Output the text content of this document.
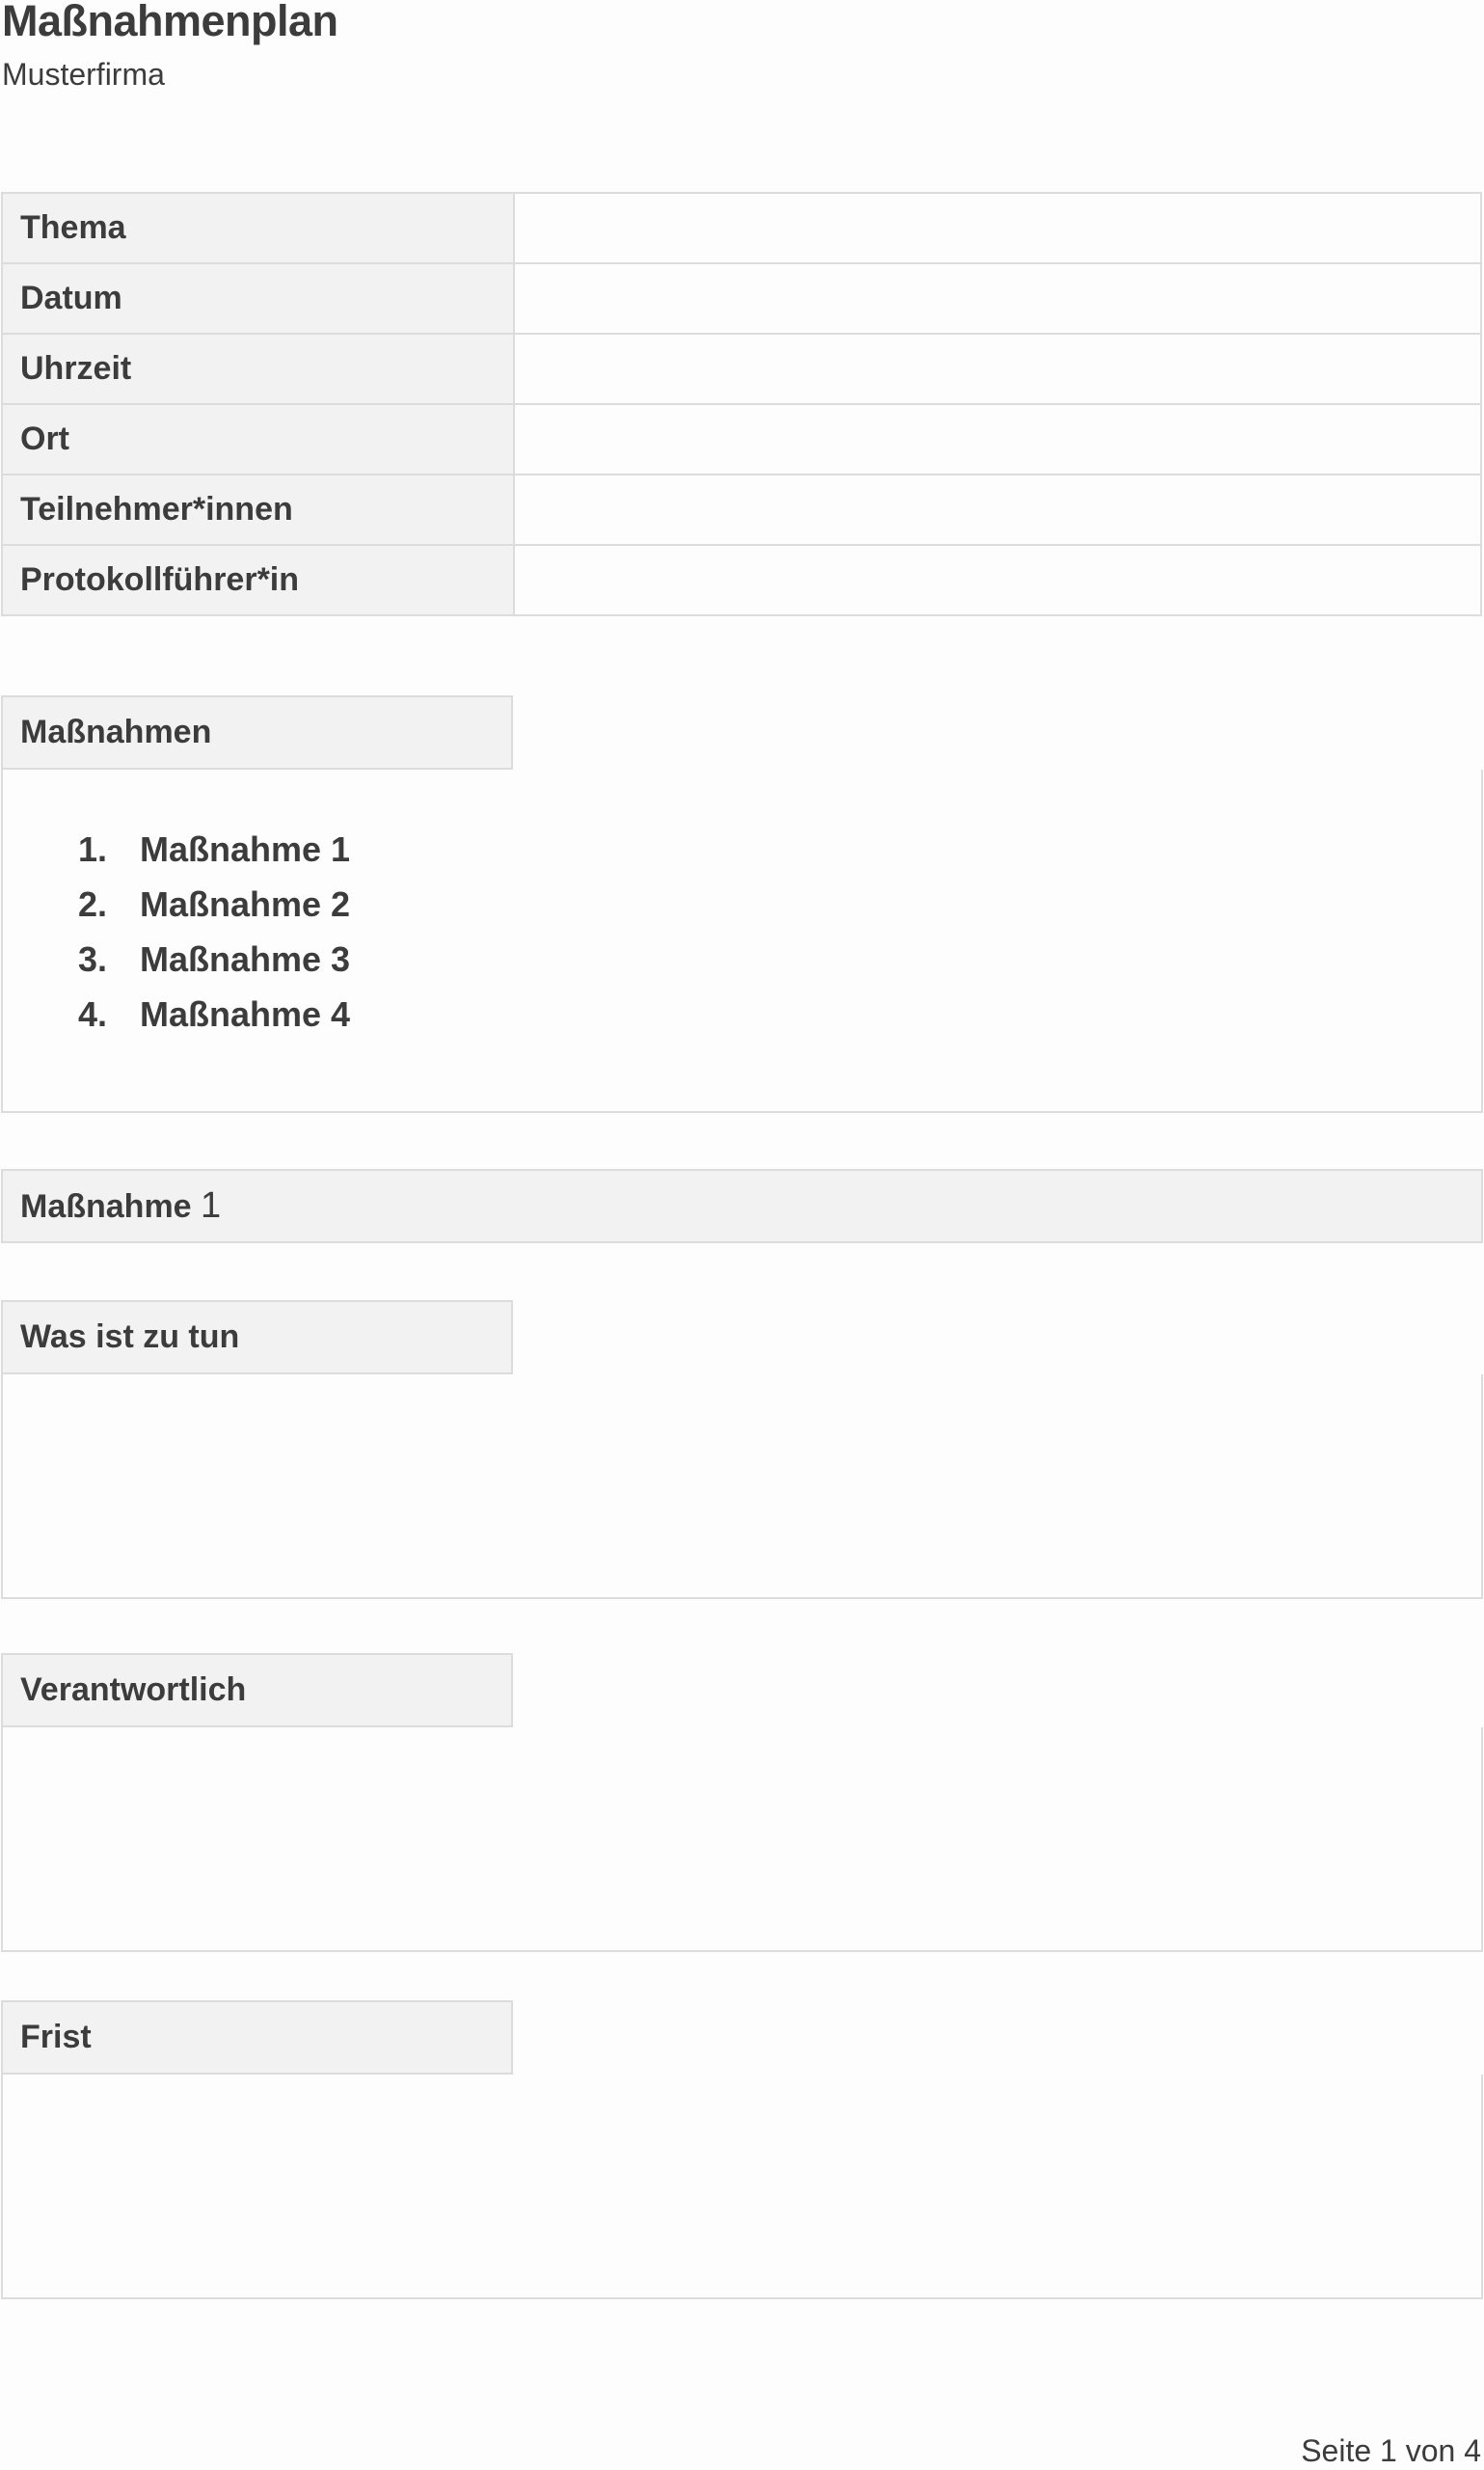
Maßnahmenplan
Musterfirma
Thema	
Datum	
Uhrzeit	
Ort	
Teilnehmer*innen	
Protokollführer*in	
Maßnahmen
1. Maßnahme 1
2. Maßnahme 2
3. Maßnahme 3
4. Maßnahme 4
Maßnahme 1
Was ist zu tun
Verantwortlich
Frist
Seite 1 von 4
